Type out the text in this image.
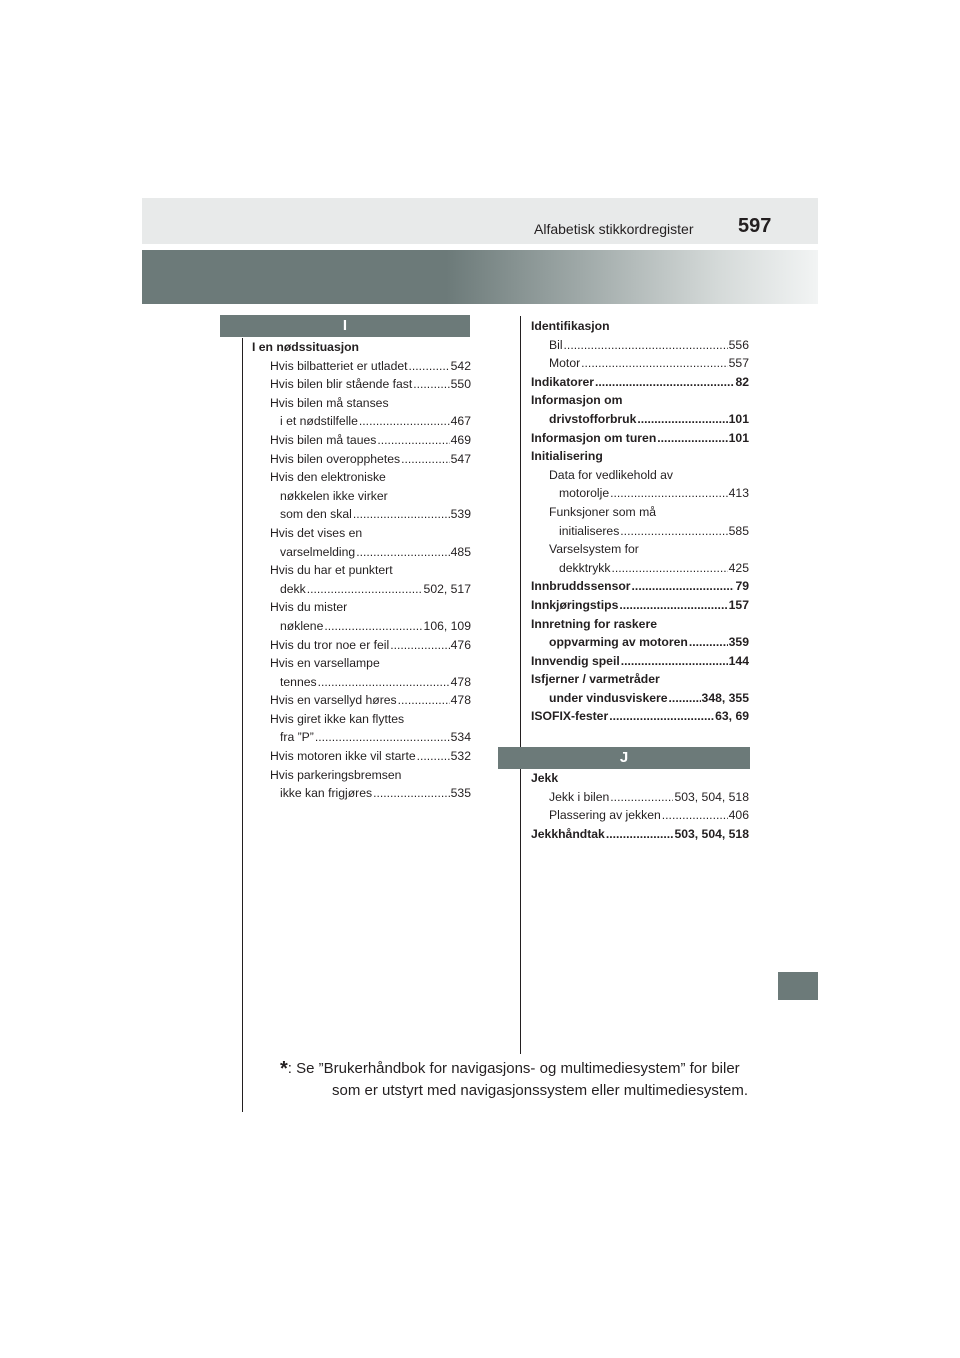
Alfabetisk stikkordregister 597
I
J
I en nødssituasjon
Hvis bilbatteriet er utladet .....	542
Hvis bilen blir stående fast .....	550
Hvis bilen må stanses
i et nødstilfelle .....	467
Hvis bilen må taues .....	469
Hvis bilen overopphetes .....	547
Hvis den elektroniske
nøkkelen ikke virker
som den skal .....	539
Hvis det vises en
varselmelding .....	485
Hvis du har et punktert
dekk .....	502, 517
Hvis du mister
nøklene .....	106, 109
Hvis du tror noe er feil .....	476
Hvis en varsellampe
tennes .....	478
Hvis en varsellyd høres .....	478
Hvis giret ikke kan flyttes
fra ”P” .....	534
Hvis motoren ikke vil starte .....	532
Hvis parkeringsbremsen
ikke kan frigjøres .....	535
Identifikasjon
Bil .....	556
Motor .....	557
Indikatorer .....	82
Informasjon om
drivstofforbruk .....	101
Informasjon om turen .....	101
Initialisering
Data for vedlikehold av
motorolje .....	413
Funksjoner som må
initialiseres .....	585
Varselsystem for
dekktrykk .....	425
Innbruddssensor .....	79
Innkjøringstips .....	157
Innretning for raskere
oppvarming av motoren .....	359
Innvendig speil .....	144
Isfjerner / varmetråder
under vindusviskere .....	348, 355
ISOFIX-fester .....	63, 69
Jekk
Jekk i bilen .....	503, 504, 518
Plassering av jekken .....	406
Jekkhåndtak .....	503, 504, 518
*: Se ”Brukerhåndbok for navigasjons- og multimediesystem” for biler
som er utstyrt med navigasjonssystem eller multimediesystem.
